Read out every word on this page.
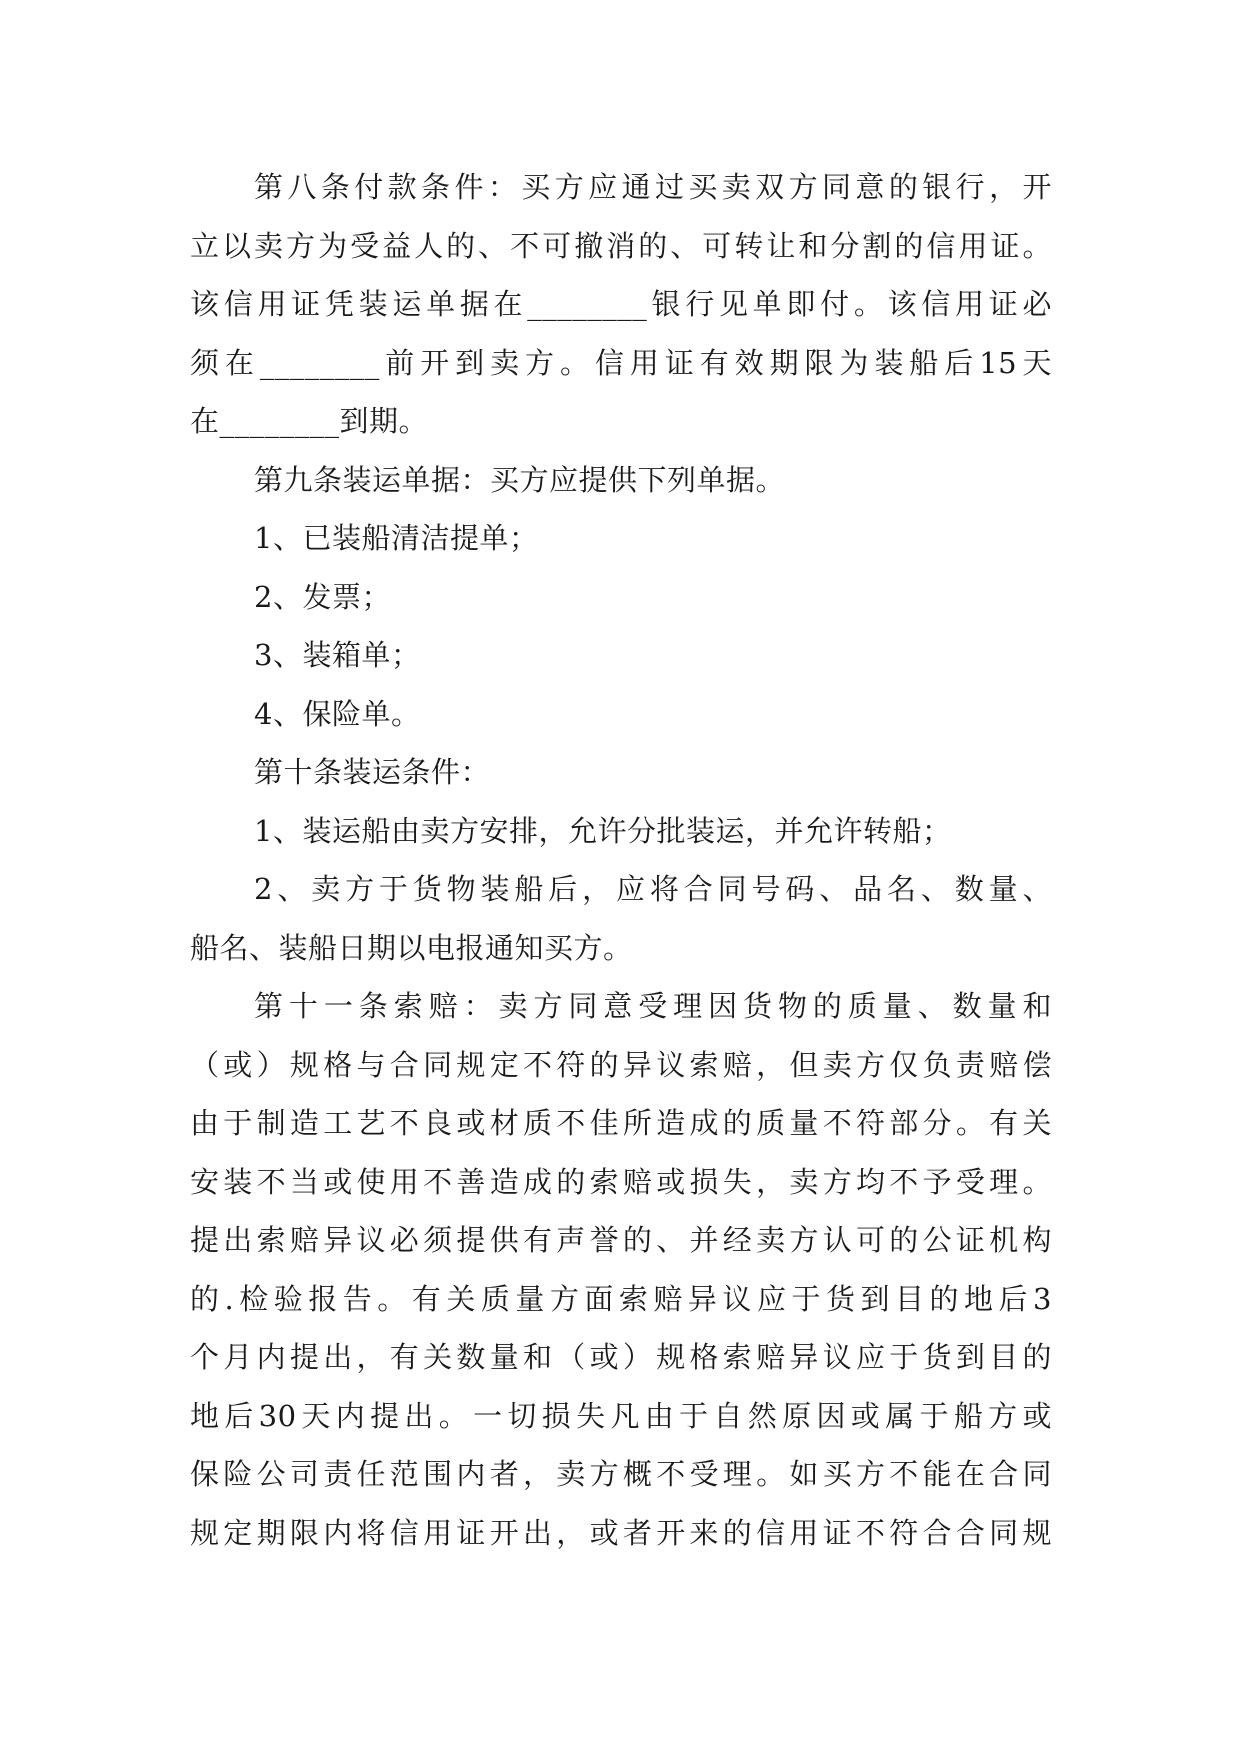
第八条付款条件：买方应通过买卖双方同意的银行，开
立以卖方为受益人的、不可撤消的、可转让和分割的信用证。
该信用证凭装运单据在________银行见单即付。该信用证必
须在________前开到卖方。信用证有效期限为装船后15天
在________到期。
第九条装运单据：买方应提供下列单据。
1、已装船清洁提单；
2、发票；
3、装箱单；
4、保险单。
第十条装运条件：
1、装运船由卖方安排，允许分批装运，并允许转船；
2、卖方于货物装船后，应将合同号码、品名、数量、
船名、装船日期以电报通知买方。
第十一条索赔：卖方同意受理因货物的质量、数量和
（或）规格与合同规定不符的异议索赔，但卖方仅负责赔偿
由于制造工艺不良或材质不佳所造成的质量不符部分。有关
安装不当或使用不善造成的索赔或损失，卖方均不予受理。
提出索赔异议必须提供有声誉的、并经卖方认可的公证机构
的.检验报告。有关质量方面索赔异议应于货到目的地后3
个月内提出，有关数量和（或）规格索赔异议应于货到目的
地后30天内提出。一切损失凡由于自然原因或属于船方或
保险公司责任范围内者，卖方概不受理。如买方不能在合同
规定期限内将信用证开出，或者开来的信用证不符合合同规
